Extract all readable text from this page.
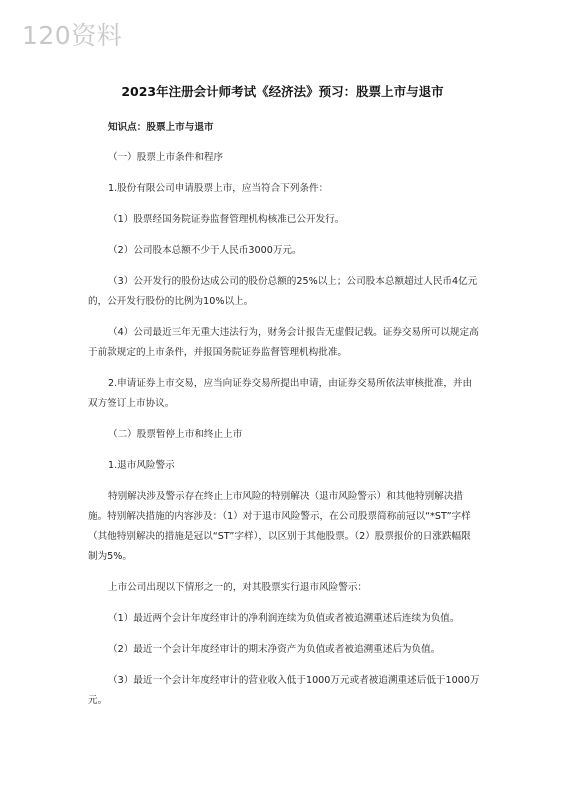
120资料
2023年注册会计师考试《经济法》预习：股票上市与退市

知识点：股票上市与退市

（一）股票上市条件和程序

1.股份有限公司申请股票上市，应当符合下列条件：

（1）股票经国务院证券监督管理机构核准已公开发行。

（2）公司股本总额不少于人民币3000万元。

（3）公开发行的股份达成公司的股份总额的25%以上；公司股本总额超过人民币4亿元的，公开发行股份的比例为10%以上。

（4）公司最近三年无重大违法行为，财务会计报告无虚假记载。证券交易所可以规定高于前款规定的上市条件，并报国务院证券监督管理机构批准。

2.申请证券上市交易，应当向证券交易所提出申请，由证券交易所依法审核批准，并由双方签订上市协议。

（二）股票暂停上市和终止上市

1.退市风险警示

特别解决涉及警示存在终止上市风险的特别解决（退市风险警示）和其他特别解决措施。特别解决措施的内容涉及：（1）对于退市风险警示，在公司股票简称前冠以“*ST”字样（其他特别解决的措施是冠以“ST”字样），以区别于其他股票。（2）股票报价的日涨跌幅限制为5%。

上市公司出现以下情形之一的，对其股票实行退市风险警示：

（1）最近两个会计年度经审计的净利润连续为负值或者被追溯重述后连续为负值。

（2）最近一个会计年度经审计的期末净资产为负值或者被追溯重述后为负值。

（3）最近一个会计年度经审计的营业收入低于1000万元或者被追溯重述后低于1000万元。
